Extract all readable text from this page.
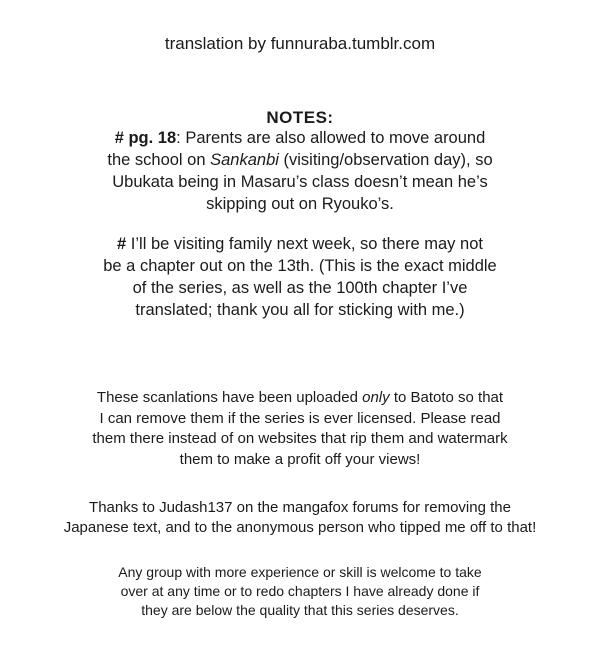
translation by funnuraba.tumblr.com
NOTES:
# pg. 18: Parents are also allowed to move around
the school on Sankanbi (visiting/observation day), so
Ubukata being in Masaru’s class doesn’t mean he’s
skipping out on Ryouko’s.
# I’ll be visiting family next week, so there may not
be a chapter out on the 13th. (This is the exact middle
of the series, as well as the 100th chapter I’ve
translated; thank you all for sticking with me.)
These scanlations have been uploaded only to Batoto so that
I can remove them if the series is ever licensed. Please read
them there instead of on websites that rip them and watermark
them to make a profit off your views!
Thanks to Judash137 on the mangafox forums for removing the
Japanese text, and to the anonymous person who tipped me off to that!
Any group with more experience or skill is welcome to take
over at any time or to redo chapters I have already done if
they are below the quality that this series deserves.
